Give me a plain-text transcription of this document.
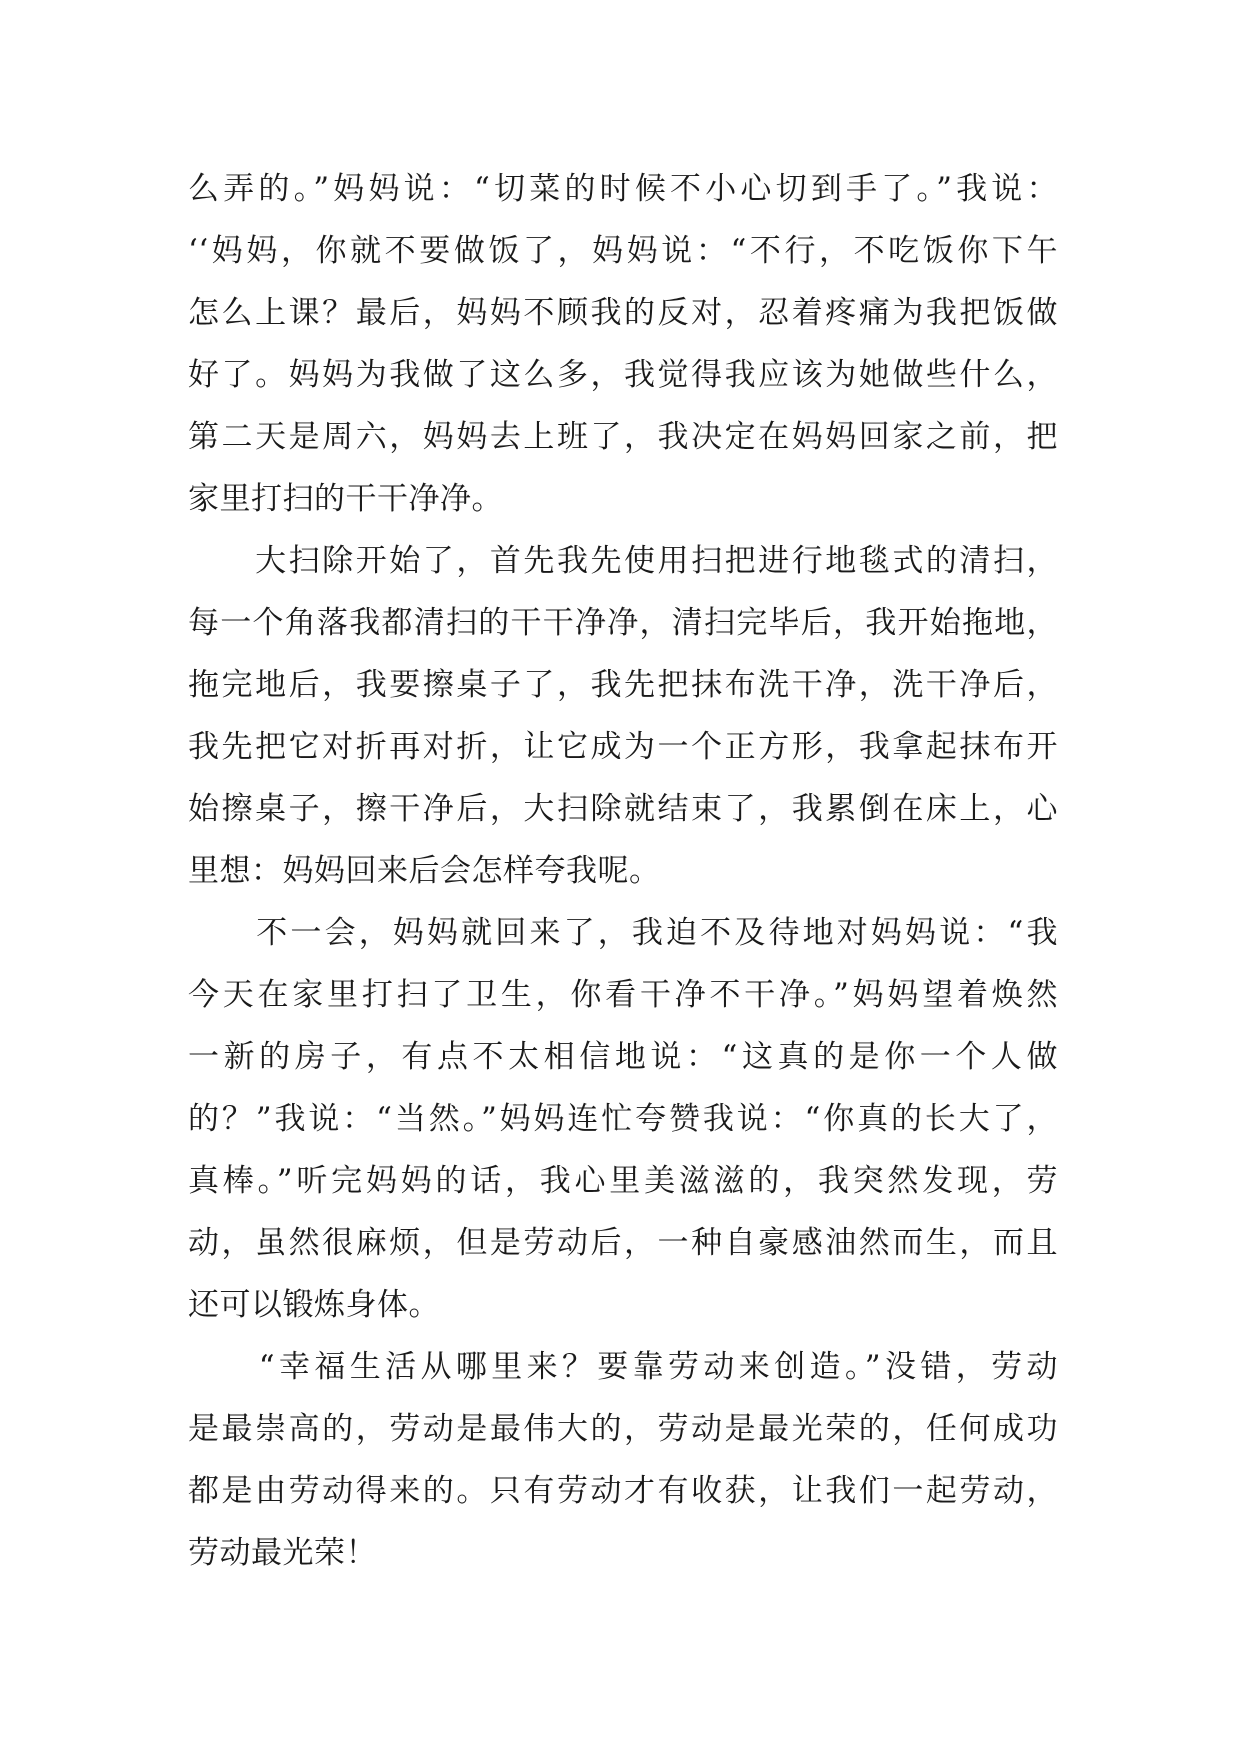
么弄的。”妈妈说：“切菜的时候不小心切到手了。”我说：
‘‘妈妈，你就不要做饭了，妈妈说：“不行，不吃饭你下午
怎么上课？最后，妈妈不顾我的反对，忍着疼痛为我把饭做
好了。妈妈为我做了这么多，我觉得我应该为她做些什么，
第二天是周六，妈妈去上班了，我决定在妈妈回家之前，把
家里打扫的干干净净。
　　大扫除开始了，首先我先使用扫把进行地毯式的清扫，
每一个角落我都清扫的干干净净，清扫完毕后，我开始拖地，
拖完地后，我要擦桌子了，我先把抹布洗干净，洗干净后，
我先把它对折再对折，让它成为一个正方形，我拿起抹布开
始擦桌子，擦干净后，大扫除就结束了，我累倒在床上，心
里想：妈妈回来后会怎样夸我呢。
　　不一会，妈妈就回来了，我迫不及待地对妈妈说：“我
今天在家里打扫了卫生，你看干净不干净。”妈妈望着焕然
一新的房子，有点不太相信地说：“这真的是你一个人做
的？”我说：“当然。”妈妈连忙夸赞我说：“你真的长大了，
真棒。”听完妈妈的话，我心里美滋滋的，我突然发现，劳
动，虽然很麻烦，但是劳动后，一种自豪感油然而生，而且
还可以锻炼身体。
　　“幸福生活从哪里来？要靠劳动来创造。”没错，劳动
是最崇高的，劳动是最伟大的，劳动是最光荣的，任何成功
都是由劳动得来的。只有劳动才有收获，让我们一起劳动，
劳动最光荣！
